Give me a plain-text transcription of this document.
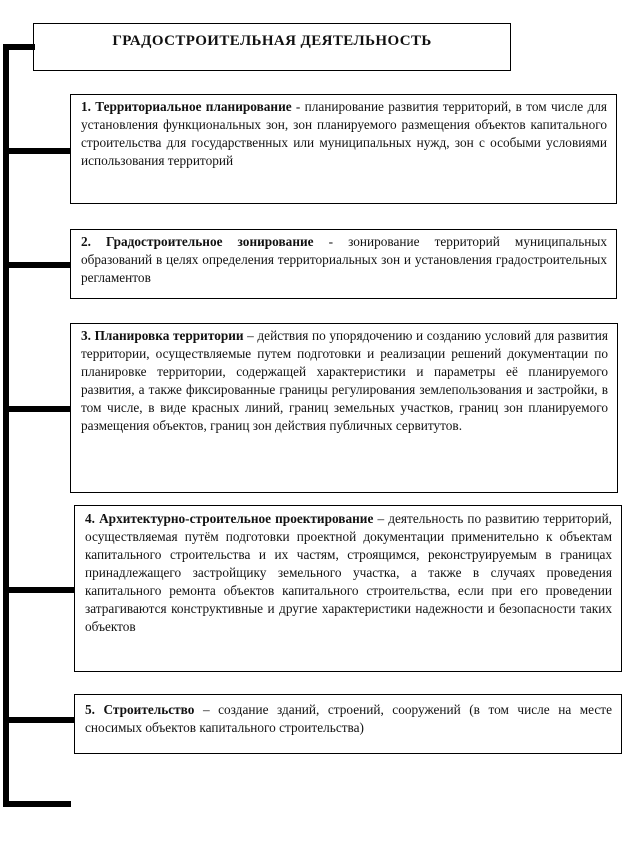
ГРАДОСТРОИТЕЛЬНАЯ ДЕЯТЕЛЬНОСТЬ
1. Территориальное планирование - планирование развития территорий, в том числе для установления функциональных зон, зон планируемого размещения объектов капитального строительства для государственных или муниципальных нужд, зон с особыми условиями использования территорий
2. Градостроительное зонирование - зонирование территорий муниципальных образований в целях определения территориальных зон и установления градостроительных регламентов
3. Планировка территории – действия по упорядочению и созданию условий для развития территории, осуществляемые путем подготовки и реализации решений документации по планировке территории, содержащей характеристики и параметры её планируемого развития, а также фиксированные границы регулирования землепользования и застройки, в том числе, в виде красных линий, границ земельных участков, границ зон планируемого размещения объектов, границ зон действия публичных сервитутов.
4. Архитектурно-строительное проектирование – деятельность по развитию территорий, осуществляемая путём подготовки проектной документации применительно к объектам капитального строительства и их частям, строящимся, реконструируемым в границах принадлежащего застройщику земельного участка, а также в случаях проведения капитального ремонта объектов капитального строительства, если при его проведении затрагиваются конструктивные и другие характеристики надежности и безопасности таких объектов
5. Строительство – создание зданий, строений, сооружений (в том числе на месте сносимых объектов капитального строительства)
